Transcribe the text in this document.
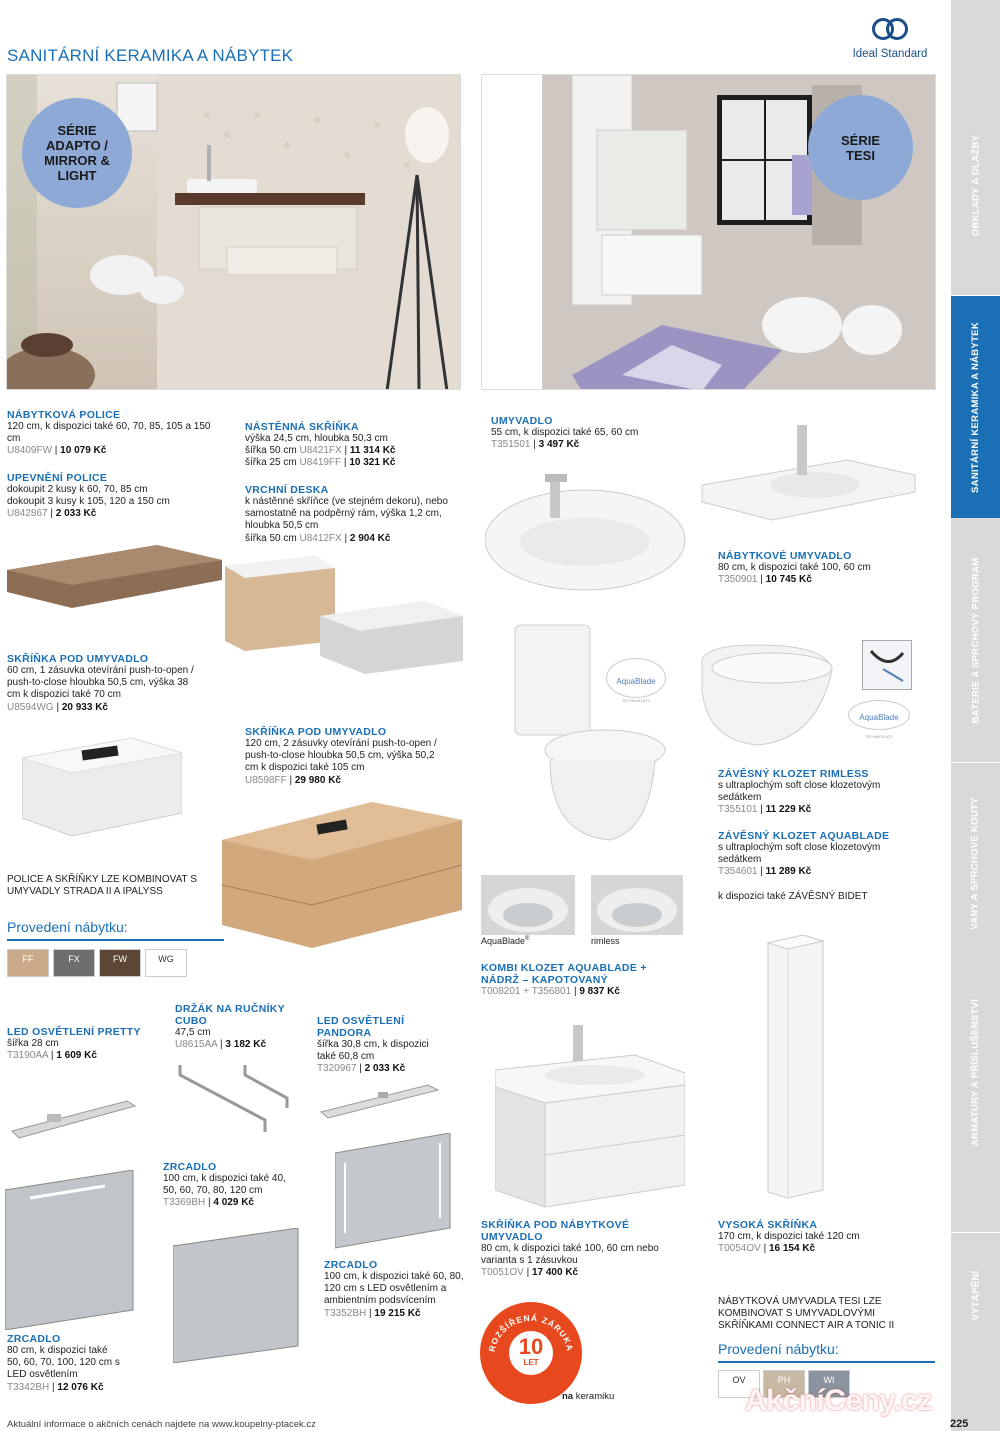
SANITÁRNÍ KERAMIKA A NÁBYTEK	Ideal Standard
SÉRIE ADAPTO / MIRROR & LIGHT
SÉRIE TESI
NÁBYTKOVÁ POLICE
120 cm, k dispozici také 60, 70, 85, 105 a 150 cm
U8409FW | 10 079 Kč
UPEVNĚNÍ POLICE
dokoupit 2 kusy k 60, 70, 85 cm
dokoupit 3 kusy k 105, 120 a 150 cm
U842867 | 2 033 Kč
NÁSTĚNNÁ SKŘÍŇKA
výška 24,5 cm, hloubka 50,3 cm
šířka 50 cm U8421FX | 11 314 Kč
šířka 25 cm U8419FF | 10 321 Kč
VRCHNÍ DESKA
k nástěnné skříňce (ve stejném dekoru), nebo samostatně na podpěrný rám, výška 1,2 cm, hloubka 50,5 cm
šířka 50 cm U8412FX | 2 904 Kč
SKŘÍŇKA POD UMYVADLO
60 cm, 1 zásuvka otevírání push-to-open / push-to-close hloubka 50,5 cm, výška 38 cm k dispozici také 70 cm
U8594WG | 20 933 Kč
SKŘÍŇKA POD UMYVADLO
120 cm, 2 zásuvky otevírání push-to-open / push-to-close hloubka 50,5 cm, výška 50,2 cm k dispozici také 105 cm
U8598FF | 29 980 Kč
POLICE A SKŘÍŇKY LZE KOMBINOVAT S UMYVADLY STRADA II A IPALYSS
Provedení nábytku:
FF	FX	FW	WG
LED OSVĚTLENÍ PRETTY
šířka 28 cm
T3190AA | 1 609 Kč
DRŽÁK NA RUČNÍKY CUBO
47,5 cm
U8615AA | 3 182 Kč
LED OSVĚTLENÍ PANDORA
šířka 30,8 cm, k dispozici také 60,8 cm
T320967 | 2 033 Kč
ZRCADLO
100 cm, k dispozici také 40, 50, 60, 70, 80, 120 cm
T3369BH | 4 029 Kč
ZRCADLO
100 cm, k dispozici také 60, 80, 120 cm s LED osvětlením a ambientním podsvícením
T3352BH | 19 215 Kč
ZRCADLO
80 cm, k dispozici také 50, 60, 70, 100, 120 cm s LED osvětlením
T3342BH | 12 076 Kč
UMYVADLO
55 cm, k dispozici také 65, 60 cm
T351501 | 3 497 Kč
NÁBYTKOVÉ UMYVADLO
80 cm, k dispozici také 100, 60 cm
T350901 | 10 745 Kč
AquaBlade
TECHNOLOGY
AquaBlade
TECHNOLOGY
ZÁVĚSNÝ KLOZET RIMLESS
s ultraplochým soft close klozetovým sedátkem
T355101 | 11 229 Kč
ZÁVĚSNÝ KLOZET AQUABLADE
s ultraplochým soft close klozetovým sedátkem
T354601 | 11 289 Kč
k dispozici také ZÁVĚSNÝ BIDET
AquaBlade®	rimless
KOMBI KLOZET AQUABLADE + NÁDRŽ – KAPOTOVANÝ
T008201 + T356801 | 9 837 Kč
SKŘÍŇKA POD NÁBYTKOVÉ UMYVADLO
80 cm, k dispozici také 100, 60 cm nebo varianta s 1 zásuvkou
T0051OV | 17 400 Kč
VYSOKÁ SKŘÍŇKA
170 cm, k dispozici také 120 cm
T0054OV | 16 154 Kč
NÁBYTKOVÁ UMYVADLA TESI LZE KOMBINOVAT S UMYVADLOVÝMI SKŘÍŇKAMI CONNECT AIR A TONIC II
Provedení nábytku:
OV	PH	WI
ROZŠÍŘENÁ ZÁRUKA
10
LET
na keramiku
OBKLADY A DLAŽBY
SANITÁRNÍ KERAMIKA A NÁBYTEK
BATERIE A SPRCHOVÝ PROGRAM
VANY A SPRCHOVÉ KOUTY
ARMATURY A PŘÍSLUŠENSTVÍ
VYTÁPĚNÍ
Aktuální informace o akčních cenách najdete na www.koupelny-ptacek.cz	225
AkčníCeny.cz
